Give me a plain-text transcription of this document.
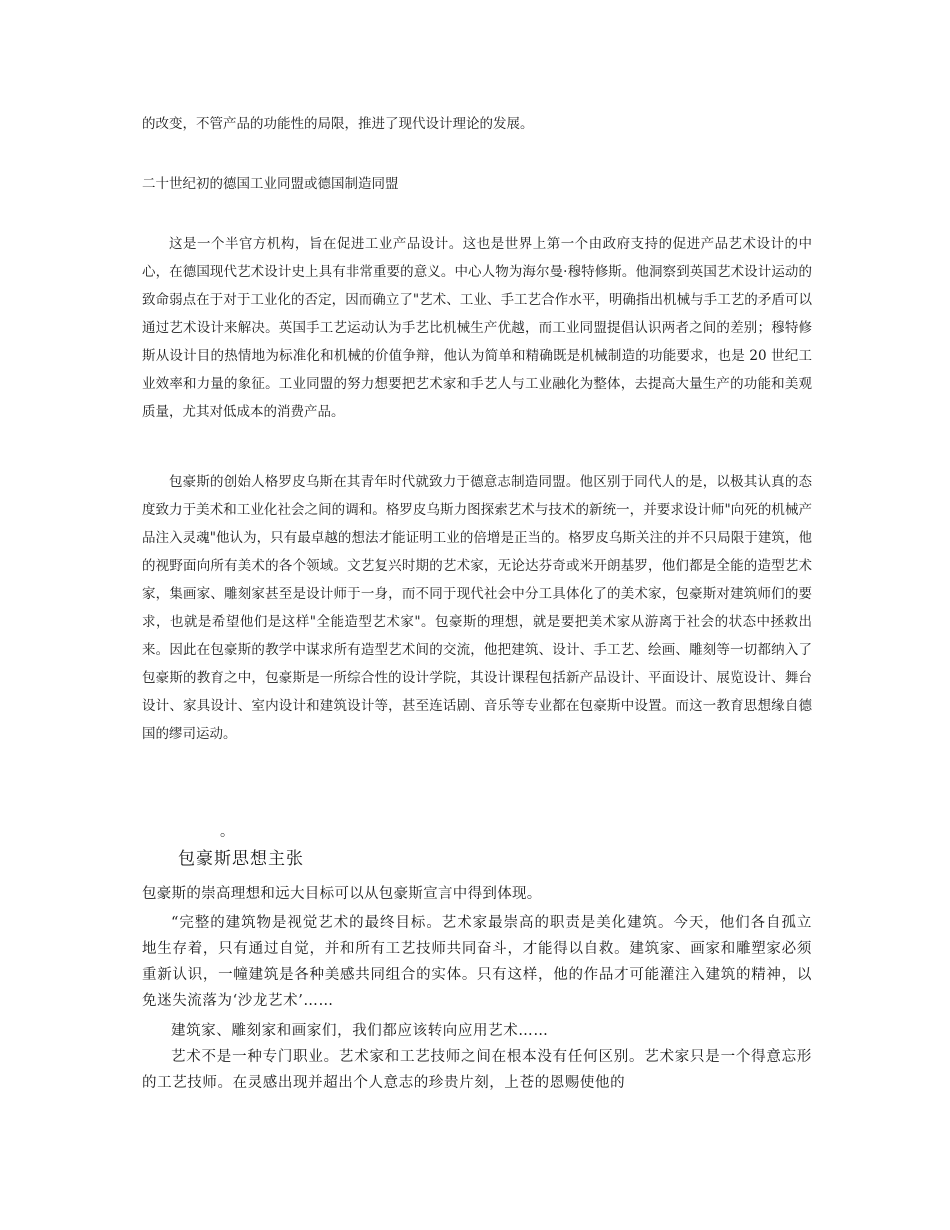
的改变，不管产品的功能性的局限，推进了现代设计理论的发展。

二十世纪初的德国工业同盟或德国制造同盟

这是一个半官方机构，旨在促进工业产品设计。这也是世界上第一个由政府支持的促进产品艺术设计的中心，在德国现代艺术设计史上具有非常重要的意义。中心人物为海尔曼·穆特修斯。他洞察到英国艺术设计运动的致命弱点在于对于工业化的否定，因而确立了"艺术、工业、手工艺合作水平，明确指出机械与手工艺的矛盾可以通过艺术设计来解决。英国手工艺运动认为手艺比机械生产优越，而工业同盟提倡认识两者之间的差别；穆特修斯从设计目的热情地为标准化和机械的价值争辩，他认为简单和精确既是机械制造的功能要求，也是 20 世纪工业效率和力量的象征。工业同盟的努力想要把艺术家和手艺人与工业融化为整体，去提高大量生产的功能和美观质量，尤其对低成本的消费产品。

包豪斯的创始人格罗皮乌斯在其青年时代就致力于德意志制造同盟。他区别于同代人的是，以极其认真的态度致力于美术和工业化社会之间的调和。格罗皮乌斯力图探索艺术与技术的新统一，并要求设计师"向死的机械产品注入灵魂"他认为，只有最卓越的想法才能证明工业的倍增是正当的。格罗皮乌斯关注的并不只局限于建筑，他的视野面向所有美术的各个领域。文艺复兴时期的艺术家，无论达芬奇或米开朗基罗，他们都是全能的造型艺术家，集画家、雕刻家甚至是设计师于一身，而不同于现代社会中分工具体化了的美术家，包豪斯对建筑师们的要求，也就是希望他们是这样"全能造型艺术家"。包豪斯的理想，就是要把美术家从游离于社会的状态中拯救出来。因此在包豪斯的教学中谋求所有造型艺术间的交流，他把建筑、设计、手工艺、绘画、雕刻等一切都纳入了包豪斯的教育之中，包豪斯是一所综合性的设计学院，其设计课程包括新产品设计、平面设计、展览设计、舞台设计、家具设计、室内设计和建筑设计等，甚至连话剧、音乐等专业都在包豪斯中设置。而这一教育思想缘自德国的缪司运动。

。
包豪斯思想主张

包豪斯的崇高理想和远大目标可以从包豪斯宣言中得到体现。

“完整的建筑物是视觉艺术的最终目标。艺术家最崇高的职责是美化建筑。今天，他们各自孤立地生存着，只有通过自觉，并和所有工艺技师共同奋斗，才能得以自救。建筑家、画家和雕塑家必须重新认识，一幢建筑是各种美感共同组合的实体。只有这样，他的作品才可能灌注入建筑的精神，以免迷失流落为‘沙龙艺术’……

建筑家、雕刻家和画家们，我们都应该转向应用艺术……

艺术不是一种专门职业。艺术家和工艺技师之间在根本没有任何区别。艺术家只是一个得意忘形的工艺技师。在灵感出现并超出个人意志的珍贵片刻，上苍的恩赐使他的
